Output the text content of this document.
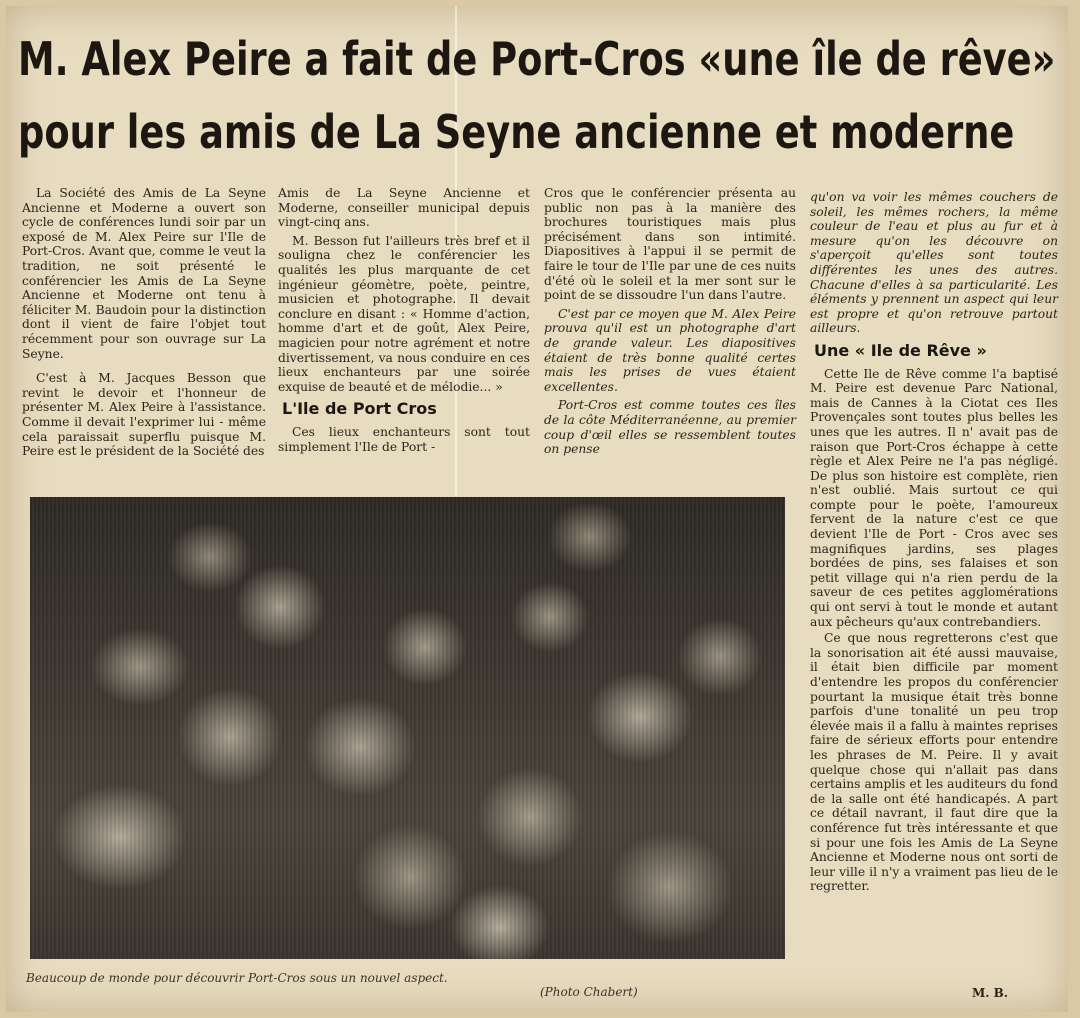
M. Alex Peire a fait de Port-Cros «une île de rêve»
pour les amis de La Seyne ancienne et moderne

La Société des Amis de La Seyne Ancienne et Moderne a ouvert son cycle de conférences lundi soir par un exposé de M. Alex Peire sur l'Ile de Port-Cros. Avant que, comme le veut la tradition, ne soit présenté le conférencier les Amis de La Seyne Ancienne et Moderne ont tenu à féliciter M. Baudoin pour la distinction dont il vient de faire l'objet tout récemment pour son ouvrage sur La Seyne.

C'est à M. Jacques Besson que revint le devoir et l'honneur de présenter M. Alex Peire à l'assistance. Comme il devait l'exprimer lui - même cela paraissait superflu puisque M. Peire est le président de la Société des

Amis de La Seyne Ancienne et Moderne, conseiller municipal depuis vingt-cinq ans.

M. Besson fut l'ailleurs très bref et il souligna chez le conférencier les qualités les plus marquante de cet ingénieur géomètre, poète, peintre, musicien et photographe. Il devait conclure en disant : « Homme d'action, homme d'art et de goût, Alex Peire, magicien pour notre agrément et notre divertissement, va nous conduire en ces lieux enchanteurs par une soirée exquise de beauté et de mélodie... »

L'Ile de Port Cros

Ces lieux enchanteurs sont tout simplement l'Ile de Port -

Cros que le conférencier présenta au public non pas à la manière des brochures touristiques mais plus précisément dans son intimité. Diapositives à l'appui il se permit de faire le tour de l'Ile par une de ces nuits d'été où le soleil et la mer sont sur le point de se dissoudre l'un dans l'autre.

C'est par ce moyen que M. Alex Peire prouva qu'il est un photographe d'art de grande valeur. Les diapositives étaient de très bonne qualité certes mais les prises de vues étaient excellentes.

Port-Cros est comme toutes ces îles de la côte Méditerranéenne, au premier coup d'œil elles se ressemblent toutes on pense

qu'on va voir les mêmes couchers de soleil, les mêmes rochers, la même couleur de l'eau et plus au fur et à mesure qu'on les découvre on s'aperçoit qu'elles sont toutes différentes les unes des autres. Chacune d'elles à sa particularité. Les éléments y prennent un aspect qui leur est propre et qu'on retrouve partout ailleurs.

Une « Ile de Rêve »

Cette Ile de Rêve comme l'a baptisé M. Peire est devenue Parc National, mais de Cannes à la Ciotat ces Iles Provençales sont toutes plus belles les unes que les autres. Il n' avait pas de raison que Port-Cros échappe à cette règle et Alex Peire ne l'a pas négligé. De plus son histoire est complète, rien n'est oublié. Mais surtout ce qui compte pour le poète, l'amoureux fervent de la nature c'est ce que devient l'Ile de Port - Cros avec ses magnifiques jardins, ses plages bordées de pins, ses falaises et son petit village qui n'a rien perdu de la saveur de ces petites agglomérations qui ont servi à tout le monde et autant aux pêcheurs qu'aux contrebandiers.

Ce que nous regretterons c'est que la sonorisation ait été aussi mauvaise, il était bien difficile par moment d'entendre les propos du conférencier pourtant la musique était très bonne parfois d'une tonalité un peu trop élevée mais il a fallu à maintes reprises faire de sérieux efforts pour entendre les phrases de M. Peire. Il y avait quelque chose qui n'allait pas dans certains amplis et les auditeurs du fond de la salle ont été handicapés. A part ce détail navrant, il faut dire que la conférence fut très intéressante et que si pour une fois les Amis de La Seyne Ancienne et Moderne nous ont sorti de leur ville il n'y a vraiment pas lieu de le regretter.

Beaucoup de monde pour découvrir Port-Cros sous un nouvel aspect.
(Photo Chabert)	M. B.
